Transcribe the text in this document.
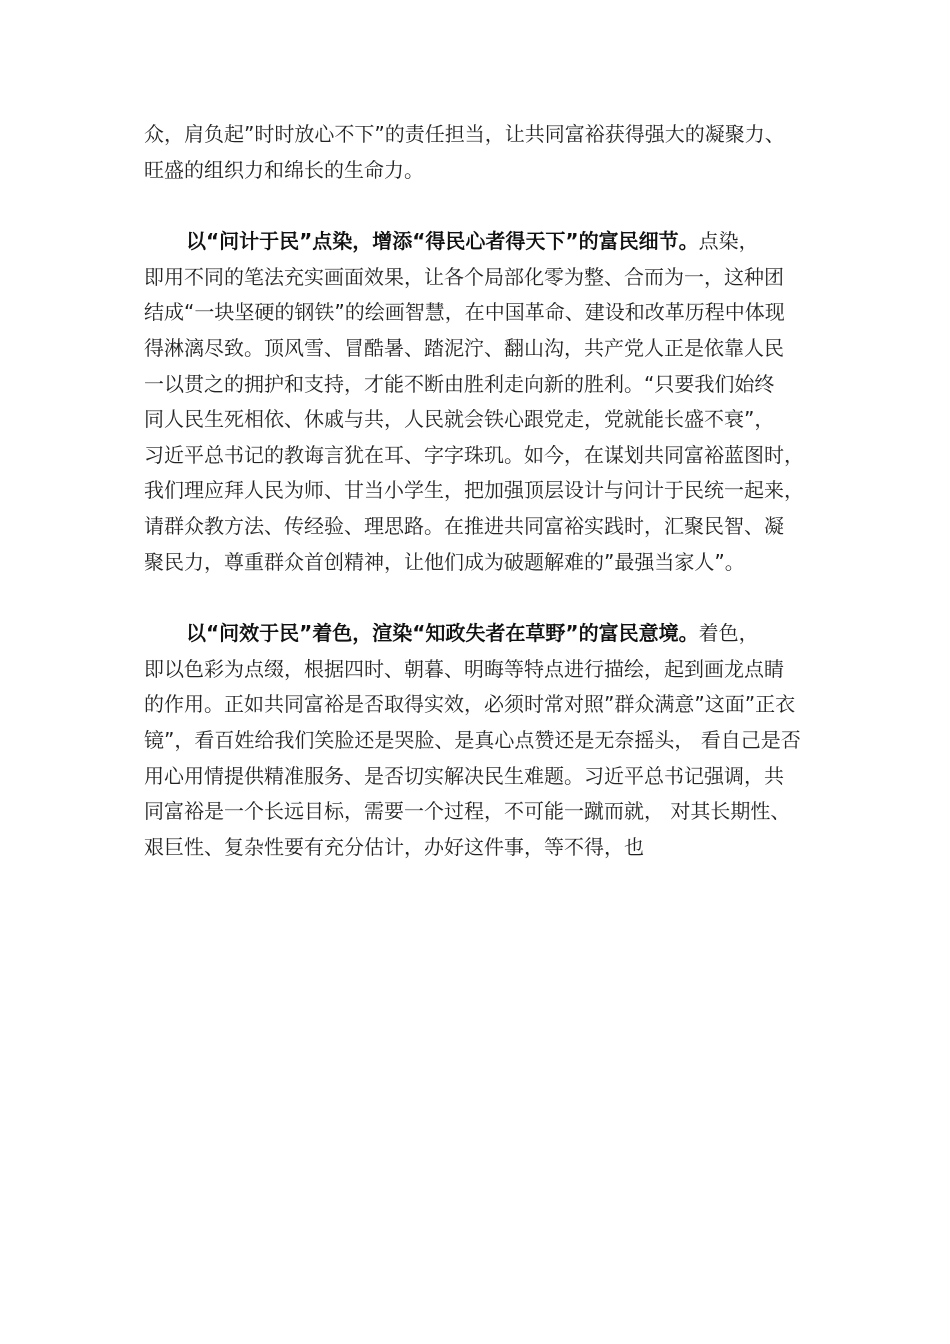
众，肩负起”时时放心不下”的责任担当，让共同富裕获得强大的凝聚力、
旺盛的组织力和绵长的生命力。
以“问计于民”点染，增添“得民心者得天下”的富民细节。点染，
即用不同的笔法充实画面效果，让各个局部化零为整、合而为一，这种团
结成“一块坚硬的钢铁”的绘画智慧，在中国革命、建设和改革历程中体现
得淋漓尽致。顶风雪、冒酷暑、踏泥泞、翻山沟，共产党人正是依靠人民
一以贯之的拥护和支持，才能不断由胜利走向新的胜利。“只要我们始终
同人民生死相依、休戚与共，人民就会铁心跟党走，党就能长盛不衰”，
习近平总书记的教诲言犹在耳、字字珠玑。如今，在谋划共同富裕蓝图时，
我们理应拜人民为师、甘当小学生，把加强顶层设计与问计于民统一起来，
请群众教方法、传经验、理思路。在推进共同富裕实践时，汇聚民智、凝
聚民力，尊重群众首创精神，让他们成为破题解难的”最强当家人”。
以“问效于民”着色，渲染“知政失者在草野”的富民意境。着色，
即以色彩为点缀，根据四时、朝暮、明晦等特点进行描绘，起到画龙点睛
的作用。正如共同富裕是否取得实效，必须时常对照”群众满意”这面”正衣
镜”，看百姓给我们笑脸还是哭脸、是真心点赞还是无奈摇头， 看自己是否
用心用情提供精准服务、是否切实解决民生难题。习近平总书记强调，共
同富裕是一个长远目标，需要一个过程，不可能一蹴而就， 对其长期性、
艰巨性、复杂性要有充分估计，办好这件事，等不得，也
